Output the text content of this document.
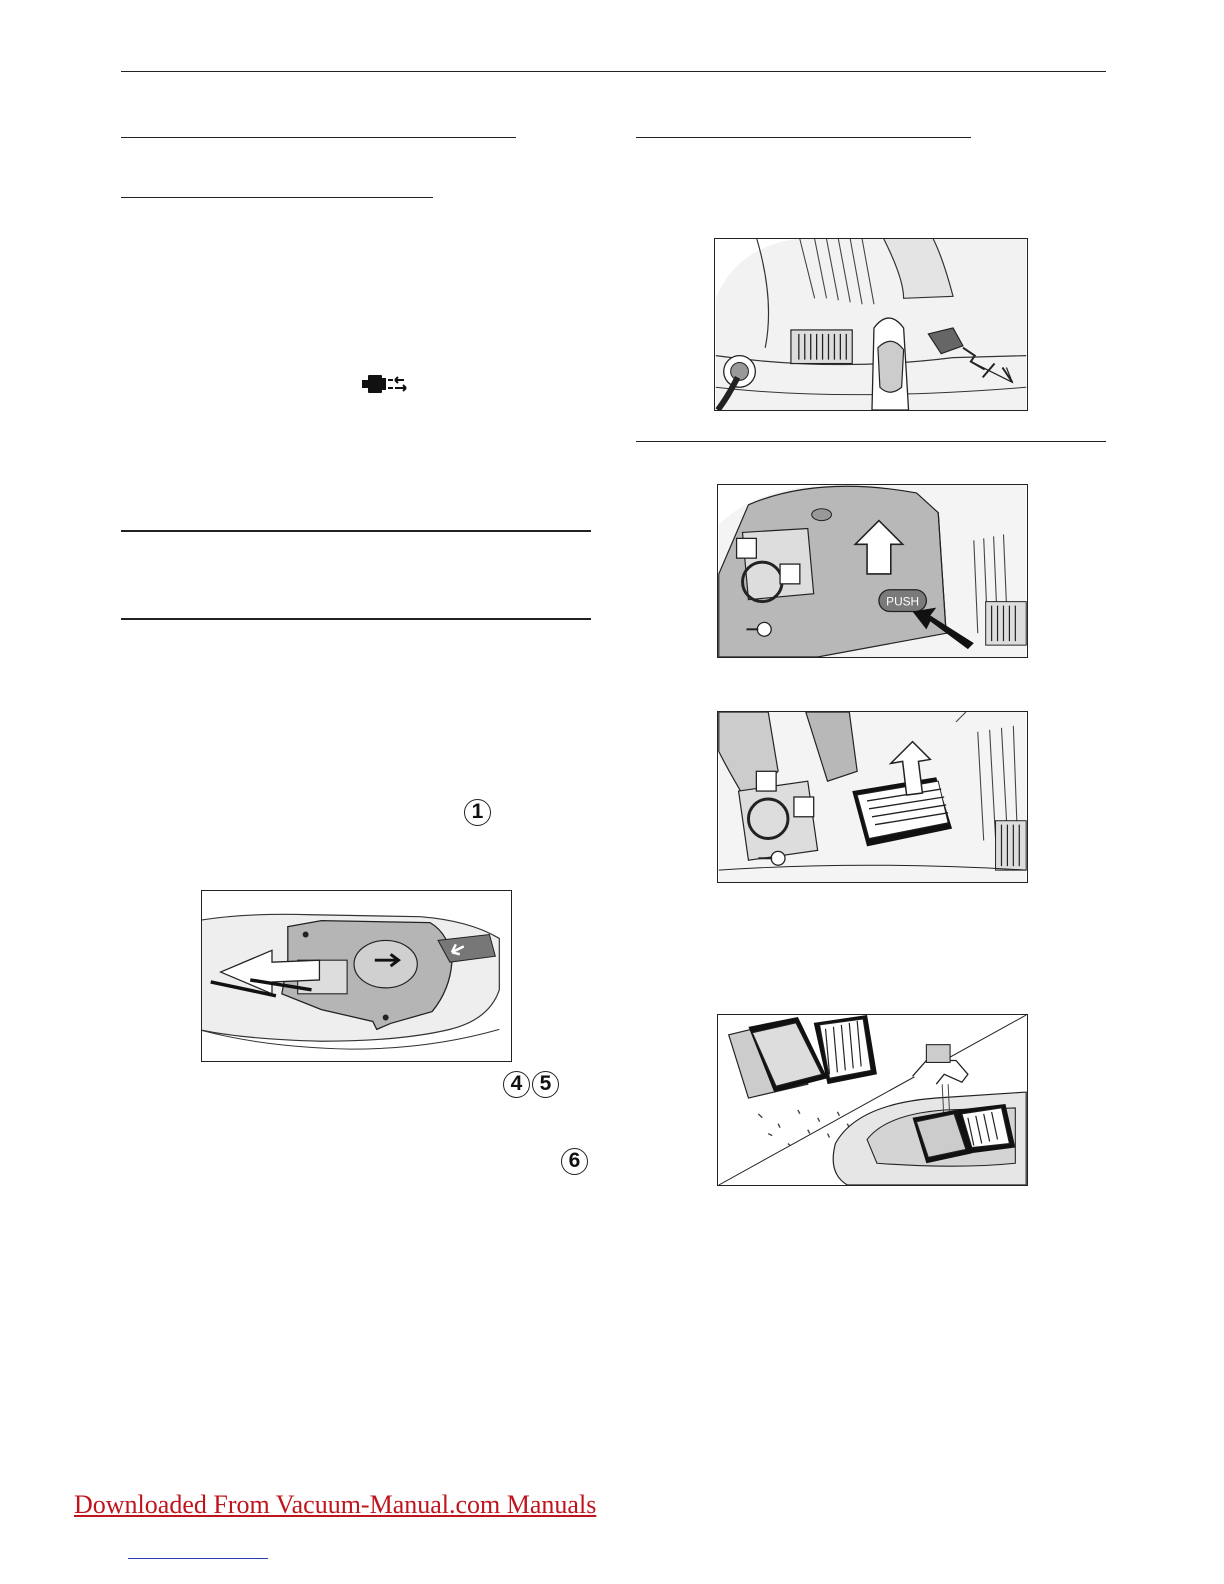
1
4 5
6
PUSH
Downloaded From Vacuum-Manual.com Manuals
